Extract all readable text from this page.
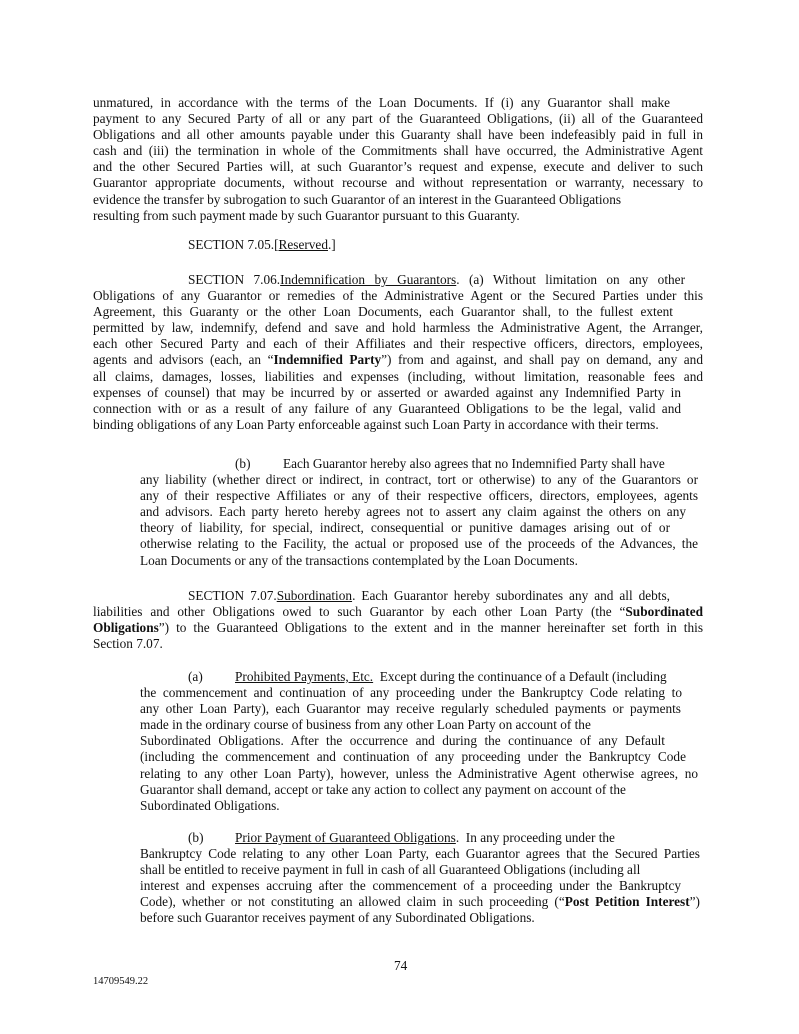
unmatured, in accordance with the terms of the Loan Documents. If (i) any Guarantor shall make
payment to any Secured Party of all or any part of the Guaranteed Obligations, (ii) all of the Guaranteed
Obligations and all other amounts payable under this Guaranty shall have been indefeasibly paid in full in
cash and (iii) the termination in whole of the Commitments shall have occurred, the Administrative Agent
and the other Secured Parties will, at such Guarantor’s request and expense, execute and deliver to such
Guarantor appropriate documents, without recourse and without representation or warranty, necessary to
evidence the transfer by subrogation to such Guarantor of an interest in the Guaranteed Obligations
resulting from such payment made by such Guarantor pursuant to this Guaranty.
SECTION 7.05.[Reserved.]
SECTION 7.06.Indemnification by Guarantors. (a) Without limitation on any other
Obligations of any Guarantor or remedies of the Administrative Agent or the Secured Parties under this
Agreement, this Guaranty or the other Loan Documents, each Guarantor shall, to the fullest extent
permitted by law, indemnify, defend and save and hold harmless the Administrative Agent, the Arranger,
each other Secured Party and each of their Affiliates and their respective officers, directors, employees,
agents and advisors (each, an “Indemnified Party”) from and against, and shall pay on demand, any and
all claims, damages, losses, liabilities and expenses (including, without limitation, reasonable fees and
expenses of counsel) that may be incurred by or asserted or awarded against any Indemnified Party in
connection with or as a result of any failure of any Guaranteed Obligations to be the legal, valid and
binding obligations of any Loan Party enforceable against such Loan Party in accordance with their terms.
(b) Each Guarantor hereby also agrees that no Indemnified Party shall have
any liability (whether direct or indirect, in contract, tort or otherwise) to any of the Guarantors or
any of their respective Affiliates or any of their respective officers, directors, employees, agents
and advisors. Each party hereto hereby agrees not to assert any claim against the others on any
theory of liability, for special, indirect, consequential or punitive damages arising out of or
otherwise relating to the Facility, the actual or proposed use of the proceeds of the Advances, the
Loan Documents or any of the transactions contemplated by the Loan Documents.
SECTION 7.07.Subordination. Each Guarantor hereby subordinates any and all debts,
liabilities and other Obligations owed to such Guarantor by each other Loan Party (the “Subordinated
Obligations”) to the Guaranteed Obligations to the extent and in the manner hereinafter set forth in this
Section 7.07.
(a) Prohibited Payments, Etc.  Except during the continuance of a Default (including
the commencement and continuation of any proceeding under the Bankruptcy Code relating to
any other Loan Party), each Guarantor may receive regularly scheduled payments or payments
made in the ordinary course of business from any other Loan Party on account of the
Subordinated Obligations. After the occurrence and during the continuance of any Default
(including the commencement and continuation of any proceeding under the Bankruptcy Code
relating to any other Loan Party), however, unless the Administrative Agent otherwise agrees, no
Guarantor shall demand, accept or take any action to collect any payment on account of the
Subordinated Obligations.
(b) Prior Payment of Guaranteed Obligations.  In any proceeding under the
Bankruptcy Code relating to any other Loan Party, each Guarantor agrees that the Secured Parties
shall be entitled to receive payment in full in cash of all Guaranteed Obligations (including all
interest and expenses accruing after the commencement of a proceeding under the Bankruptcy
Code), whether or not constituting an allowed claim in such proceeding (“Post Petition Interest”)
before such Guarantor receives payment of any Subordinated Obligations.
74
14709549.22
